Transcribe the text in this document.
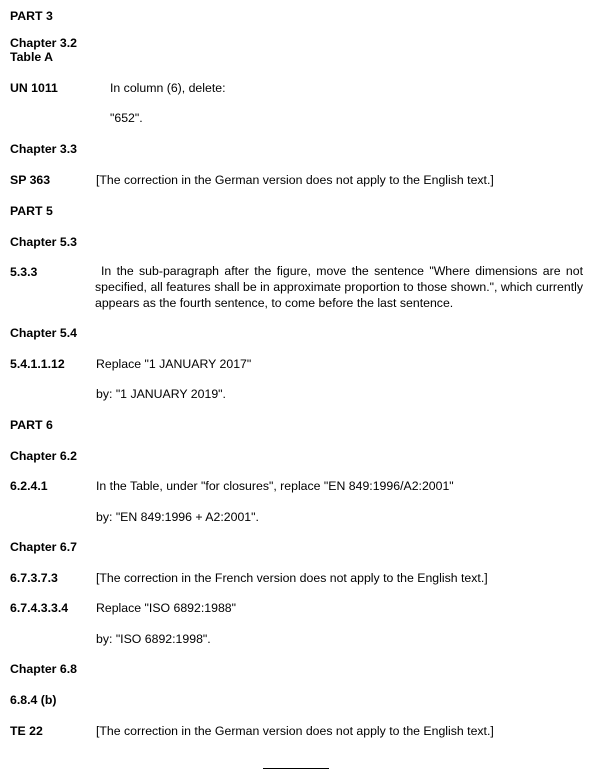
PART 3
Chapter 3.2
Table A
UN 1011	In column (6), delete:
"652".
Chapter 3.3
SP 363	[The correction in the German version does not apply to the English text.]
PART 5
Chapter 5.3
5.3.3	In the sub-paragraph after the figure, move the sentence "Where dimensions are not specified, all features shall be in approximate proportion to those shown.", which currently appears as the fourth sentence, to come before the last sentence.
Chapter 5.4
5.4.1.1.12	Replace "1 JANUARY 2017"
by: "1 JANUARY 2019".
PART 6
Chapter 6.2
6.2.4.1	In the Table, under "for closures", replace "EN 849:1996/A2:2001"
by: "EN 849:1996 + A2:2001".
Chapter 6.7
6.7.3.7.3	[The correction in the French version does not apply to the English text.]
6.7.4.3.3.4 Replace "ISO 6892:1988"
by: "ISO 6892:1998".
Chapter 6.8
6.8.4 (b)
TE 22	[The correction in the German version does not apply to the English text.]
